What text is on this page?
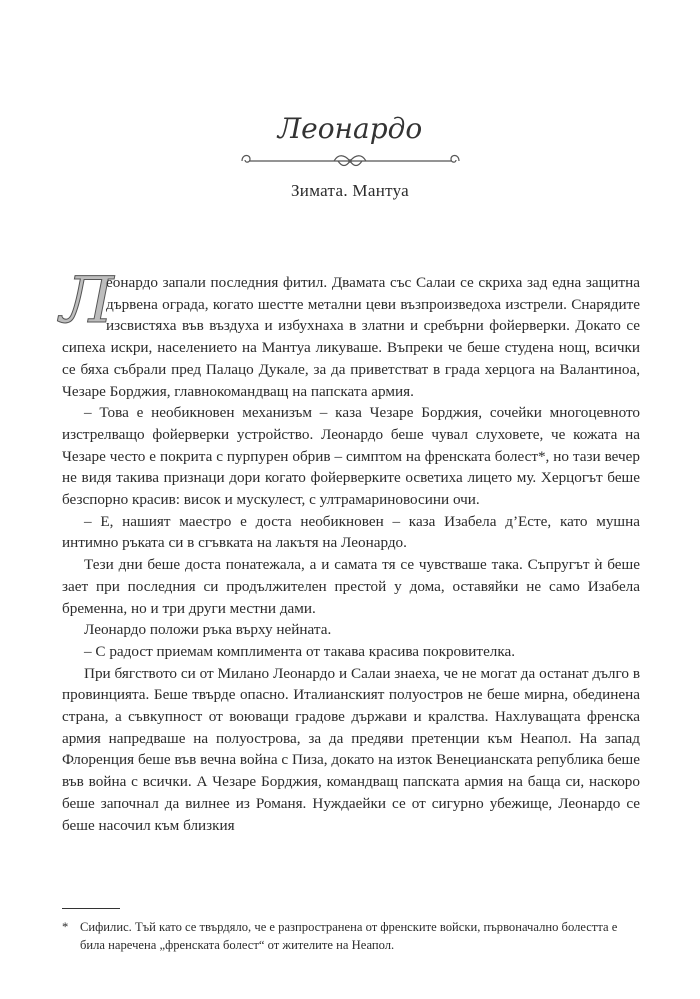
Леонардо
Зимата. Мантуа

Л
еонардо запали последния фитил. Двамата със Салаи се скриха зад една защитна дървена ограда, когато шестте метални цеви възпроизведоха изстрели. Снарядите изсвистяха във въздуха и избухнаха в златни и сребърни фойерверки. Докато се сипеха искри, населението на Мантуа ликуваше. Въпреки че беше студена нощ, всички се бяха събрали пред Палацо Дукале, за да приветстват в града херцога на Валантиноа, Чезаре Борджия, главнокомандващ на папската армия.

– Това е необикновен механизъм – каза Чезаре Борджия, сочейки многоцевното изстрелващо фойерверки устройство. Леонардо беше чувал слуховете, че кожата на Чезаре често е покрита с пурпурен обрив – симптом на френската болест*, но тази вечер не видя такива признаци дори когато фойерверките осветиха лицето му. Херцогът беше безспорно красив: висок и мускулест, с ултрамариновосини очи.

– Е, нашият маестро е доста необикновен – каза Изабела д’Есте, като мушна интимно ръката си в сгъвката на лакътя на Леонардо.

Тези дни беше доста понатежала, а и самата тя се чувстваше така. Съпругът ѝ беше зает при последния си продължителен престой у дома, оставяйки не само Изабела бременна, но и три други местни дами.

Леонардо положи ръка върху нейната.

– С радост приемам комплимента от такава красива покровителка.

При бягството си от Милано Леонардо и Салаи знаеха, че не могат да останат дълго в провинцията. Беше твърде опасно. Италианският полуостров не беше мирна, обединена страна, а съвкупност от воюващи градове държави и кралства. Нахлуващата френска армия напредваше на полуострова, за да предяви претенции към Неапол. На запад Флоренция беше във вечна война с Пиза, докато на изток Венецианската република беше във война с всички. А Чезаре Борджия, командващ папската армия на баща си, наскоро беше започнал да вилнее из Романя. Нуждаейки се от сигурно убежище, Леонардо се беше насочил към близкия

* Сифилис. Тъй като се твърдяло, че е разпространена от френските войски, първоначално болестта е била наречена „френската болест“ от жителите на Неапол.
